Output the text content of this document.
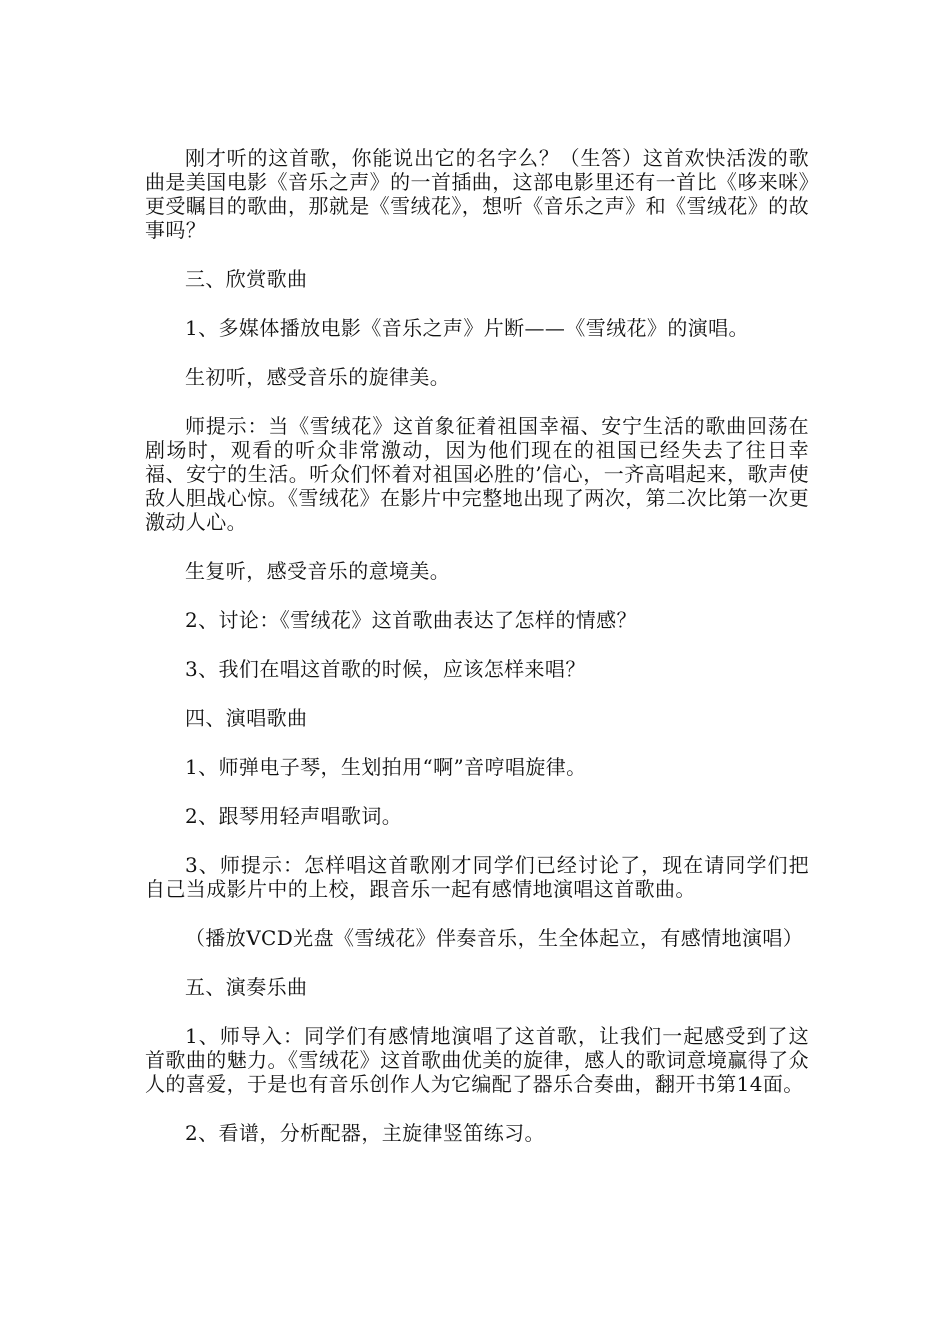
刚才听的这首歌，你能说出它的名字么？（生答）这首欢快活泼的歌曲是美国电影《音乐之声》的一首插曲，这部电影里还有一首比《哆来咪》更受瞩目的歌曲，那就是《雪绒花》，想听《音乐之声》和《雪绒花》的故事吗？

三、欣赏歌曲

1、多媒体播放电影《音乐之声》片断——《雪绒花》的演唱。

生初听，感受音乐的旋律美。

师提示：当《雪绒花》这首象征着祖国幸福、安宁生活的歌曲回荡在剧场时，观看的听众非常激动，因为他们现在的祖国已经失去了往日幸福、安宁的生活。听众们怀着对祖国必胜的’信心，一齐高唱起来，歌声使敌人胆战心惊。《雪绒花》在影片中完整地出现了两次，第二次比第一次更激动人心。

生复听，感受音乐的意境美。

2、讨论：《雪绒花》这首歌曲表达了怎样的情感？

3、我们在唱这首歌的时候，应该怎样来唱？

四、演唱歌曲

1、师弹电子琴，生划拍用“啊”音哼唱旋律。

2、跟琴用轻声唱歌词。

3、师提示：怎样唱这首歌刚才同学们已经讨论了，现在请同学们把自己当成影片中的上校，跟音乐一起有感情地演唱这首歌曲。

（播放VCD光盘《雪绒花》伴奏音乐，生全体起立，有感情地演唱）

五、演奏乐曲

1、师导入：同学们有感情地演唱了这首歌，让我们一起感受到了这首歌曲的魅力。《雪绒花》这首歌曲优美的旋律，感人的歌词意境赢得了众人的喜爱，于是也有音乐创作人为它编配了器乐合奏曲，翻开书第14面。

2、看谱，分析配器，主旋律竖笛练习。
